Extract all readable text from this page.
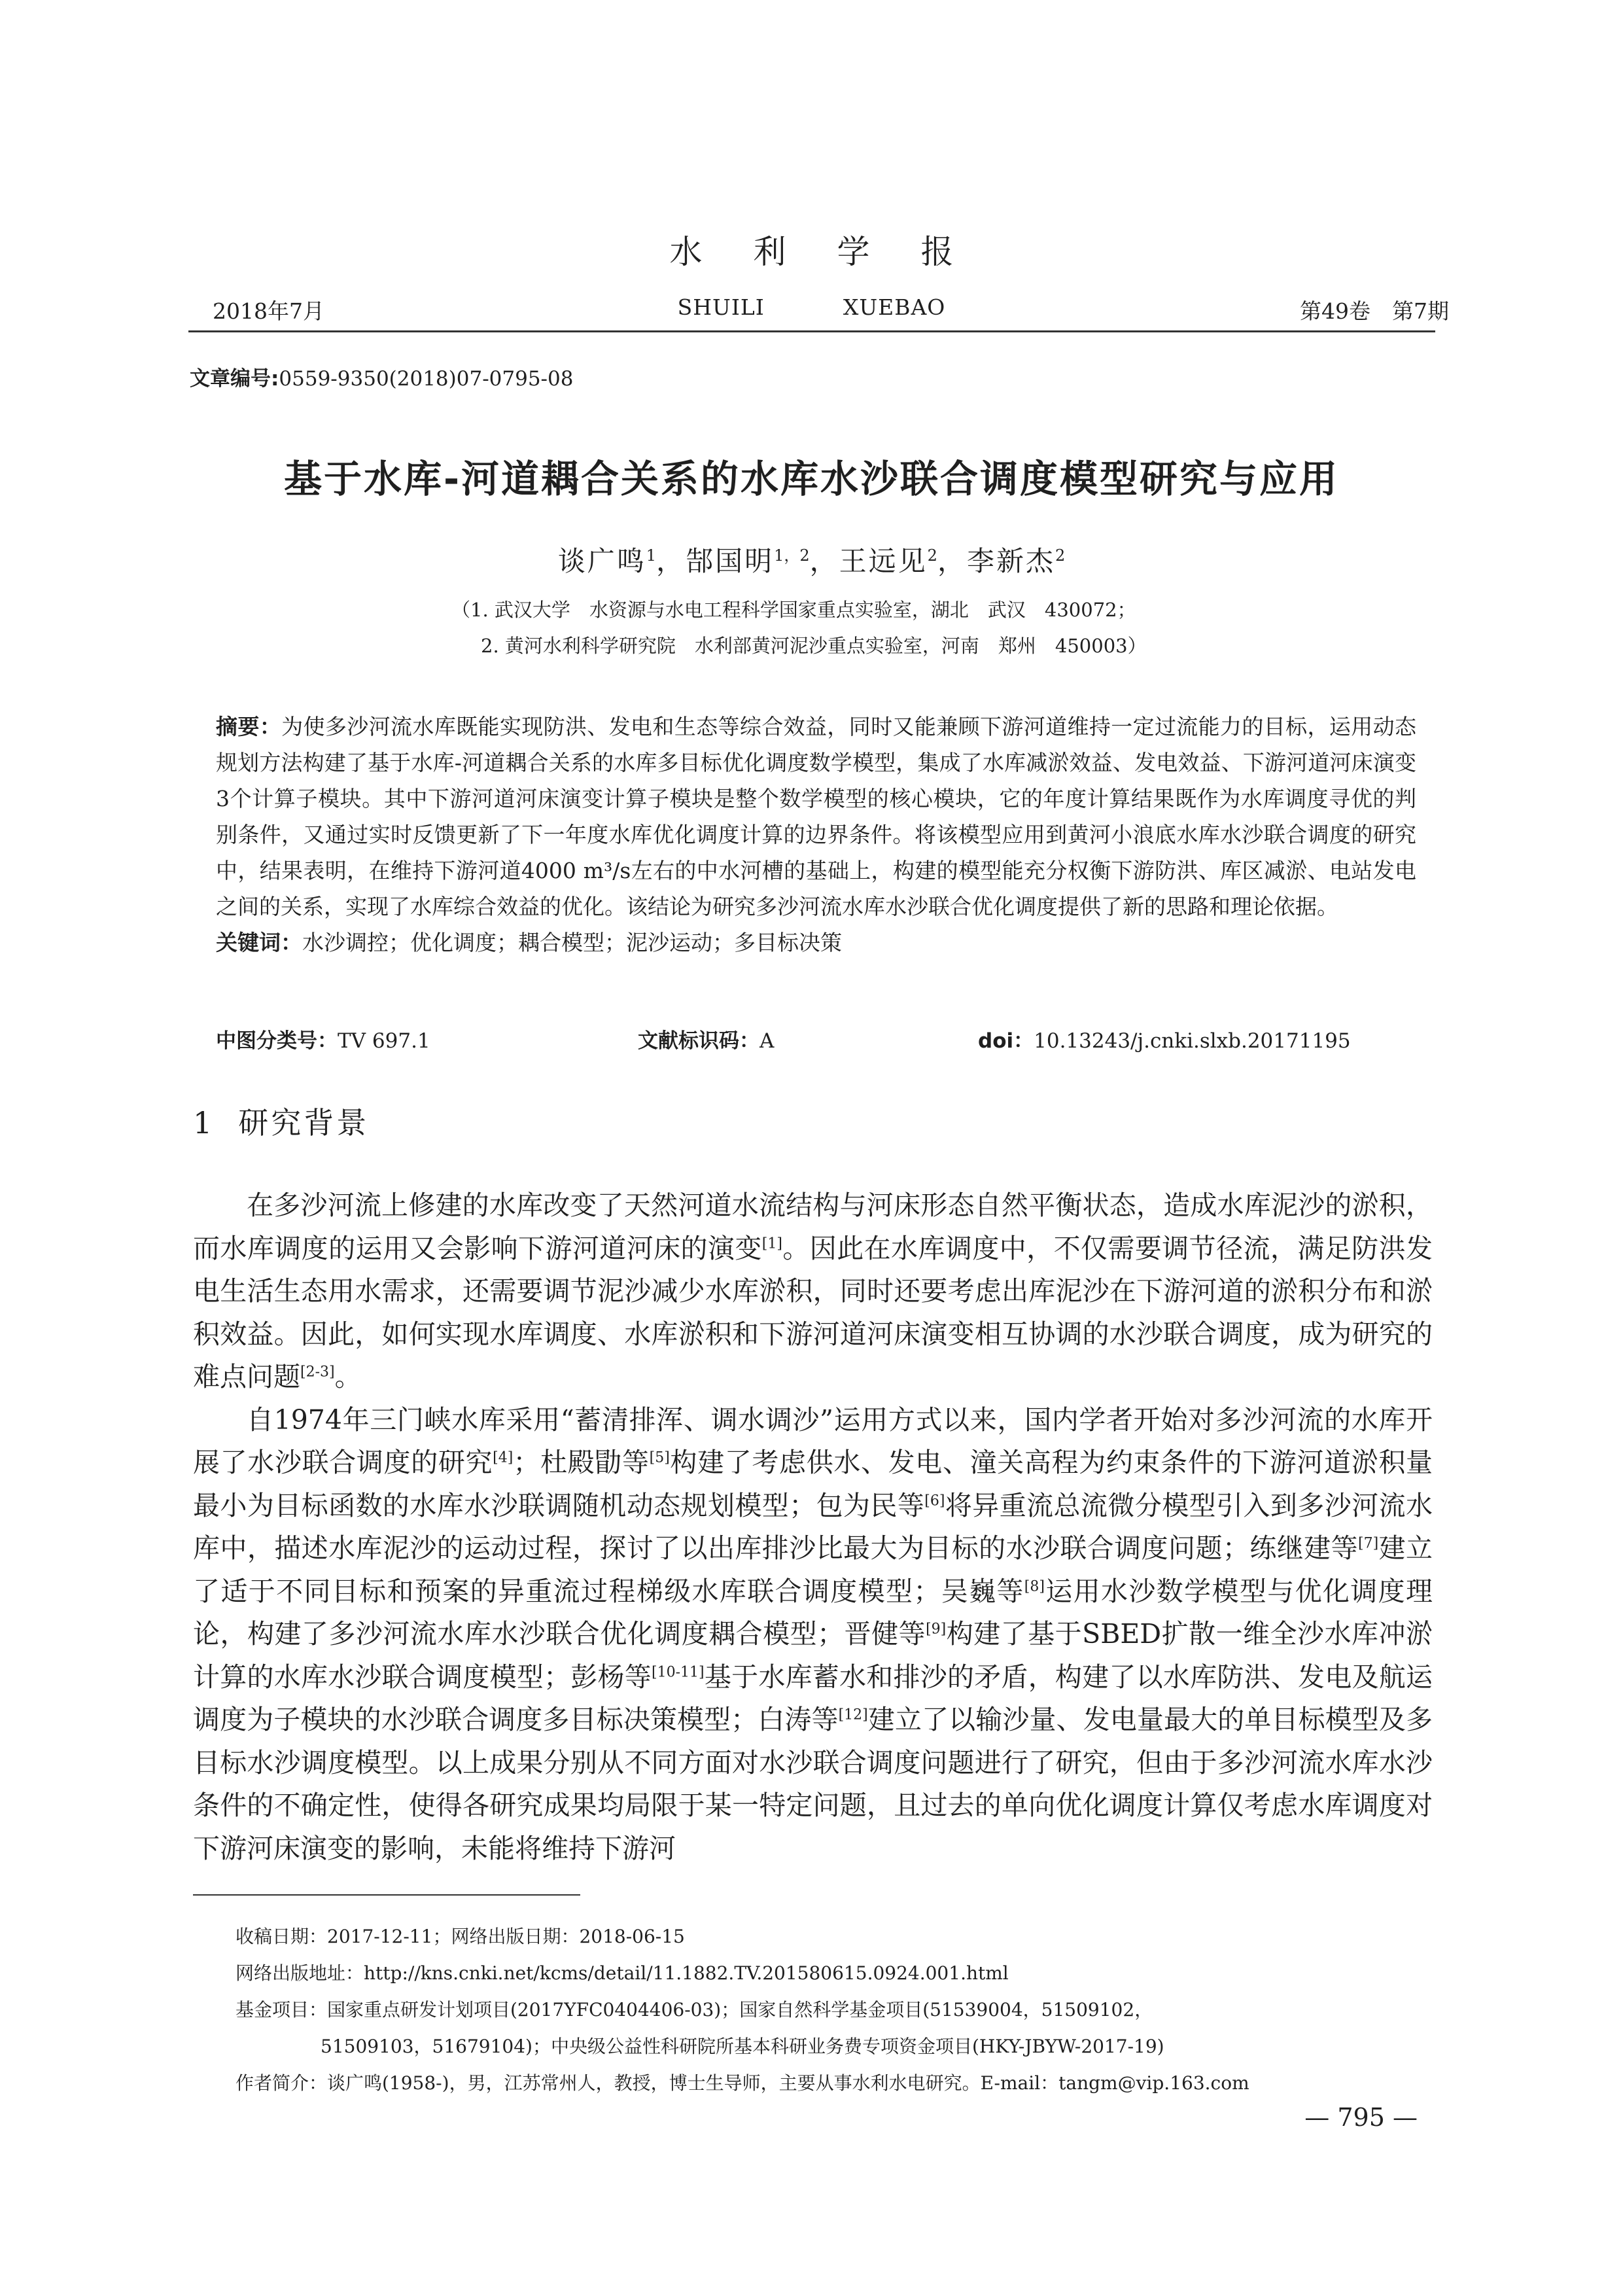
水利学报
2018年7月	SHUILI	XUEBAO	第49卷　 第7期
文章编号:0559-9350(2018)07-0795-08
基于水库-河道耦合关系的水库水沙联合调度模型研究与应用
谈广鸣$^1$，郜国明$^{1,2}$，王远见$^2$，李新杰$^2$
（1. 武汉大学　水资源与水电工程科学国家重点实验室，湖北　武汉　430072；
2. 黄河水利科学研究院　水利部黄河泥沙重点实验室，河南　郑州　450003）
摘要：为使多沙河流水库既能实现防洪、发电和生态等综合效益，同时又能兼顾下游河道维持一定过流能力的目标，运用动态规划方法构建了基于水库-河道耦合关系的水库多目标优化调度数学模型，集成了水库减淤效益、发电效益、下游河道河床演变3个计算子模块。其中下游河道河床演变计算子模块是整个数学模型的核心模块，它的年度计算结果既作为水库调度寻优的判别条件，又通过实时反馈更新了下一年度水库优化调度计算的边界条件。将该模型应用到黄河小浪底水库水沙联合调度的研究中，结果表明，在维持下游河道4000 m³/s左右的中水河槽的基础上，构建的模型能充分权衡下游防洪、库区减淤、电站发电之间的关系，实现了水库综合效益的优化。该结论为研究多沙河流水库水沙联合优化调度提供了新的思路和理论依据。
关键词：水沙调控；优化调度；耦合模型；泥沙运动；多目标决策
中图分类号：TV 697.1	文献标识码：A	doi：10.13243/j.cnki.slxb.20171195
1 研究背景

在多沙河流上修建的水库改变了天然河道水流结构与河床形态自然平衡状态，造成水库泥沙的淤积，而水库调度的运用又会影响下游河道河床的演变[1]。因此在水库调度中，不仅需要调节径流，满足防洪发电生活生态用水需求，还需要调节泥沙减少水库淤积，同时还要考虑出库泥沙在下游河道的淤积分布和淤积效益。因此，如何实现水库调度、水库淤积和下游河道河床演变相互协调的水沙联合调度，成为研究的难点问题[2-3]。

自1974年三门峡水库采用“蓄清排浑、调水调沙”运用方式以来，国内学者开始对多沙河流的水库开展了水沙联合调度的研究[4]；杜殿勖等[5]构建了考虑供水、发电、潼关高程为约束条件的下游河道淤积量最小为目标函数的水库水沙联调随机动态规划模型；包为民等[6]将异重流总流微分模型引入到多沙河流水库中，描述水库泥沙的运动过程，探讨了以出库排沙比最大为目标的水沙联合调度问题；练继建等[7]建立了适于不同目标和预案的异重流过程梯级水库联合调度模型；吴巍等[8]运用水沙数学模型与优化调度理论，构建了多沙河流水库水沙联合优化调度耦合模型；晋健等[9]构建了基于SBED扩散一维全沙水库冲淤计算的水库水沙联合调度模型；彭杨等[10-11]基于水库蓄水和排沙的矛盾，构建了以水库防洪、发电及航运调度为子模块的水沙联合调度多目标决策模型；白涛等[12]建立了以输沙量、发电量最大的单目标模型及多目标水沙调度模型。以上成果分别从不同方面对水沙联合调度问题进行了研究，但由于多沙河流水库水沙条件的不确定性，使得各研究成果均局限于某一特定问题，且过去的单向优化调度计算仅考虑水库调度对下游河床演变的影响，未能将维持下游河

收稿日期：2017-12-11；网络出版日期：2018-06-15
网络出版地址：http://kns.cnki.net/kcms/detail/11.1882.TV.201580615.0924.001.html
基金项目：国家重点研发计划项目(2017YFC0404406-03)；国家自然科学基金项目(51539004，51509102，
51509103，51679104)；中央级公益性科研院所基本科研业务费专项资金项目(HKY-JBYW-2017-19)
作者简介：谈广鸣(1958-)，男，江苏常州人，教授，博士生导师，主要从事水利水电研究。E-mail：tangm@vip.163.com
— 795 —
